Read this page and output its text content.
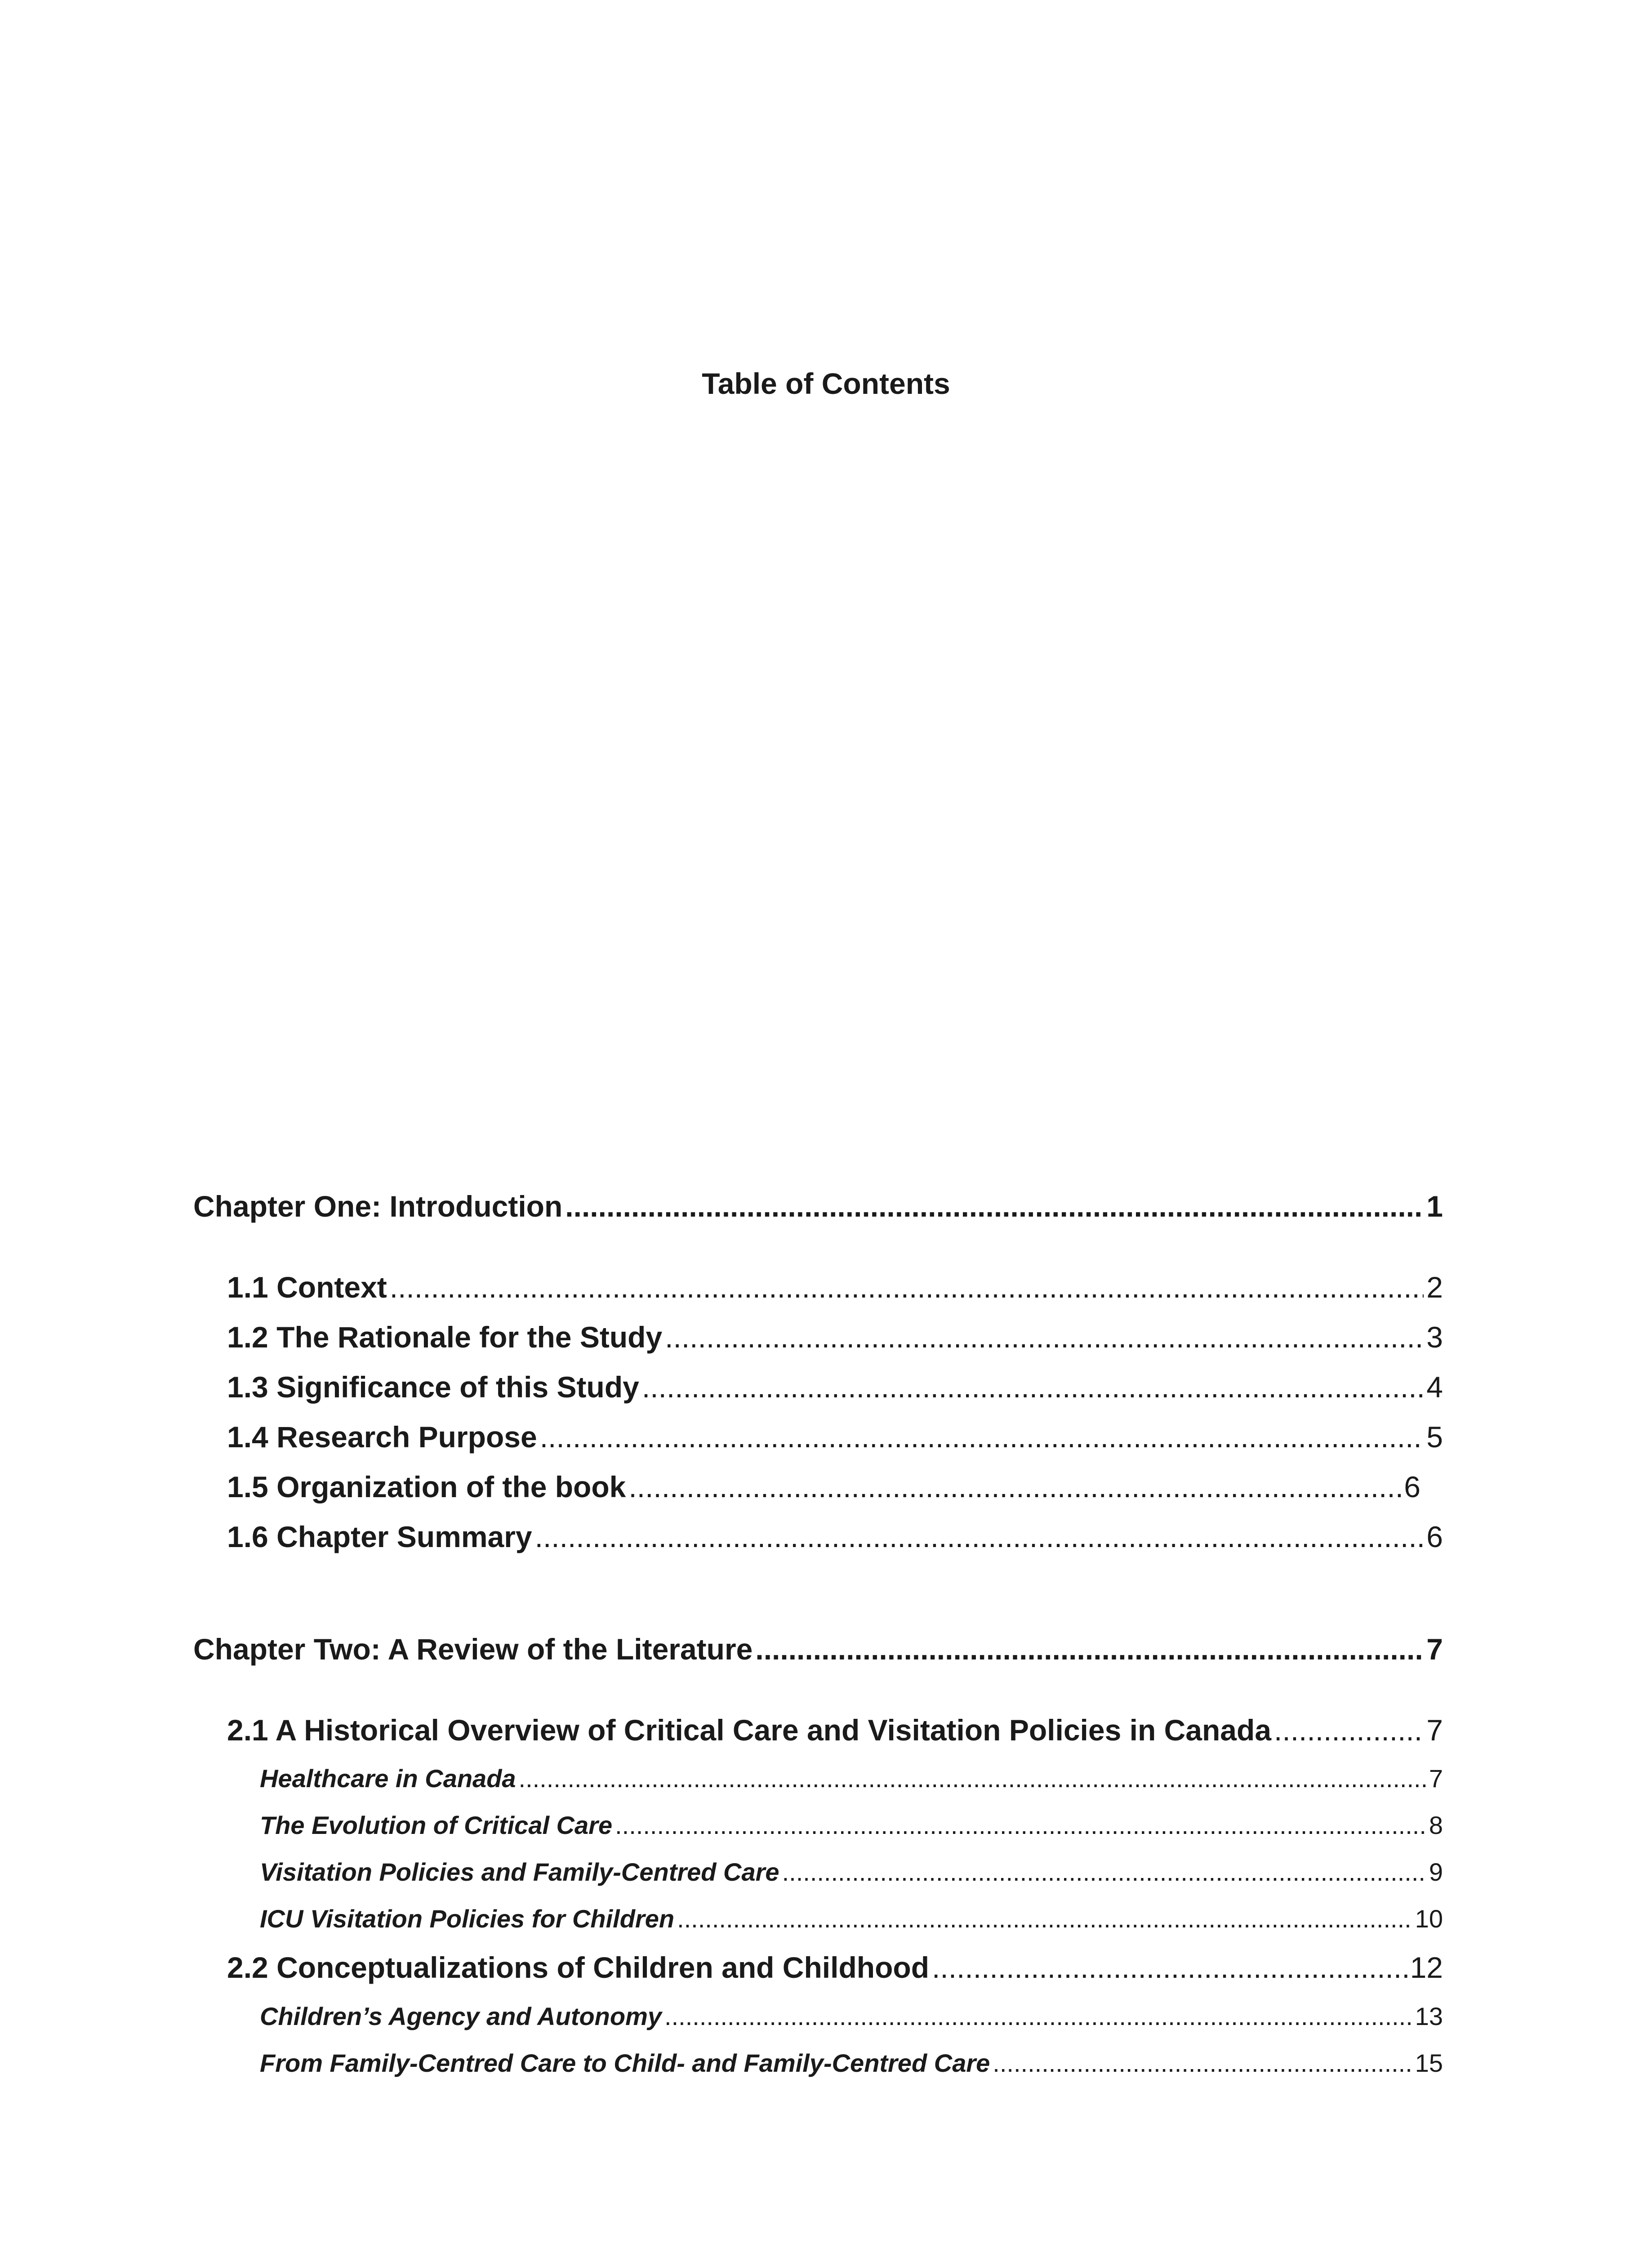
Table of Contents
Chapter One: Introduction .....	1
1.1 Context .....	2
1.2 The Rationale for the Study .....	3
1.3 Significance of this Study .....	4
1.4 Research Purpose .....	5
1.5 Organization of the book .....	6
1.6 Chapter Summary .....	6
Chapter Two: A Review of the Literature .....	7
2.1 A Historical Overview of Critical Care and Visitation Policies in Canada .....	7
Healthcare in Canada .....	7
The Evolution of Critical Care .....	8
Visitation Policies and Family-Centred Care .....	9
ICU Visitation Policies for Children .....	10
2.2 Conceptualizations of Children and Childhood .....	12
Children’s Agency and Autonomy .....	13
From Family-Centred Care to Child- and Family-Centred Care .....	15
